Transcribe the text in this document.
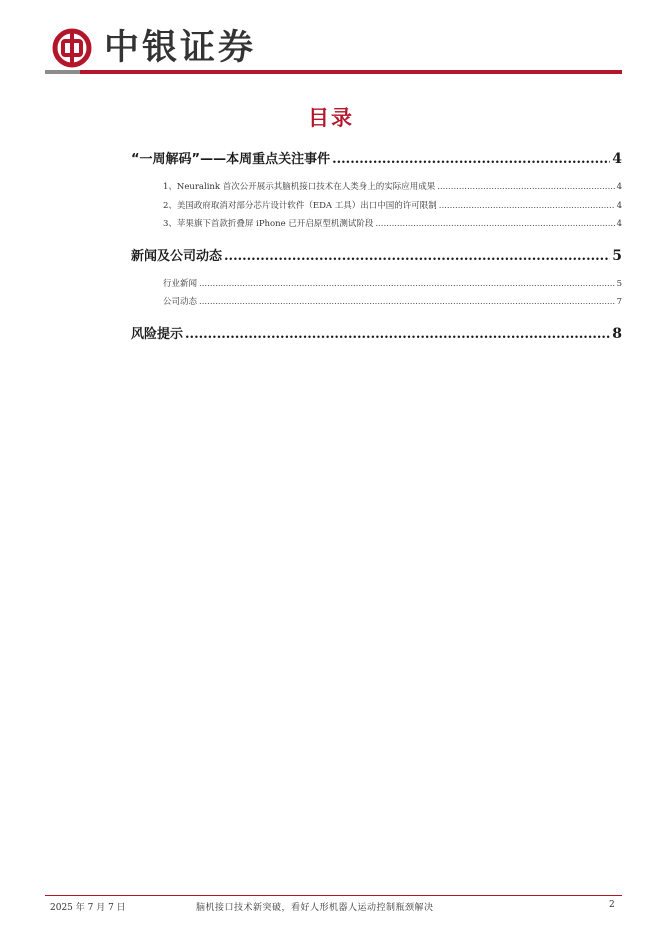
中银证券
目录
“一周解码”——本周重点关注事件 .....	4
1、Neuralink 首次公开展示其脑机接口技术在人类身上的实际应用成果 .....	4
2、美国政府取消对部分芯片设计软件（EDA 工具）出口中国的许可限制 .....	4
3、苹果旗下首款折叠屏 iPhone 已开启原型机测试阶段 .....	4
新闻及公司动态 .....	5
行业新闻 .....	5
公司动态 .....	7
风险提示 .....	8
2025 年 7 月 7 日	脑机接口技术新突破，看好人形机器人运动控制瓶颈解决	2
